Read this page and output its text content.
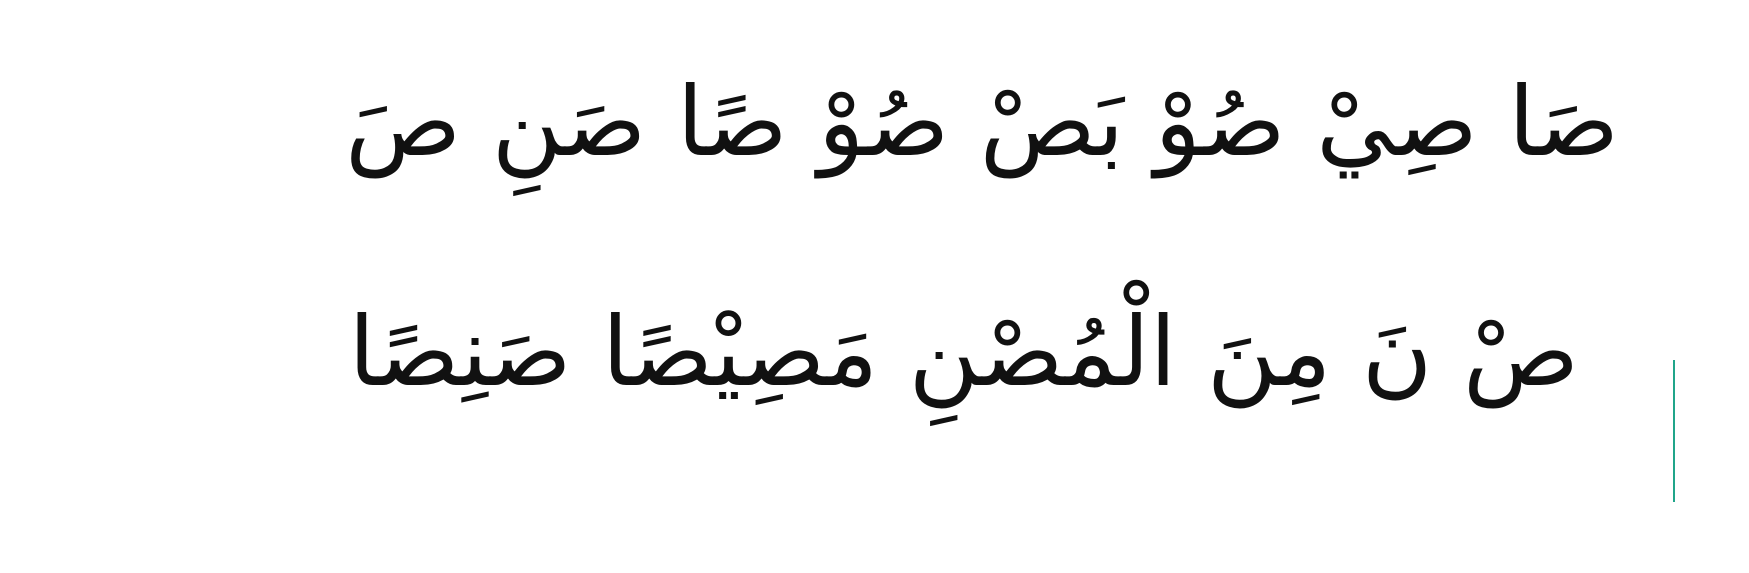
صَا صِيْ صُوْ بَصْ صُوْ صًا صَنِ صَ
صْ نَ مِنَ الْمُصْنِ مَصِيْصًا صَنِصًا
